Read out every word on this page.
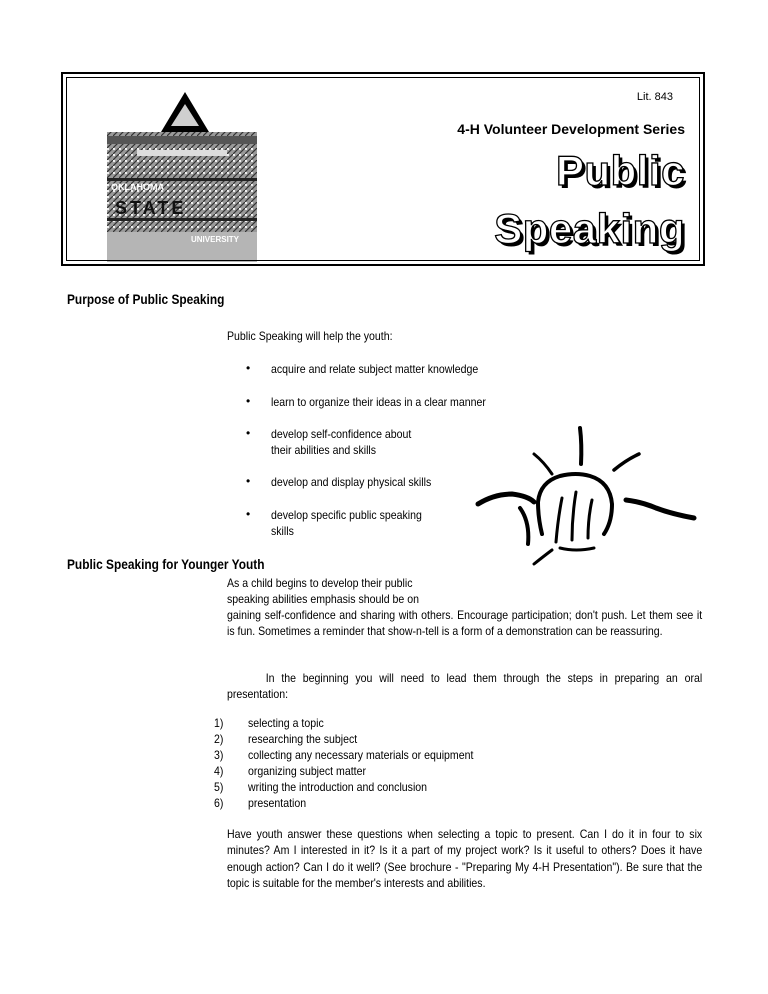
OKLAHOMA
STATE
UNIVERSITY
Lit. 843
4-H Volunteer Development Series
Public
Speaking
Purpose of Public Speaking
Public Speaking will help the youth:
• acquire and relate subject matter knowledge
• learn to organize their ideas in a clear manner
• develop self-confidence about
their abilities and skills
• develop and display physical skills
• develop specific public speaking
skills
Public Speaking for Younger Youth
As a child begins to develop their public
speaking abilities emphasis should be on
gaining self-confidence and sharing with others. Encourage participation; don't push. Let them see it is fun. Sometimes a reminder that show-n-tell is a form of a demonstration can be reassuring.
In the beginning you will need to lead them through the steps in preparing an oral presentation:
1) selecting a topic
2) researching the subject
3) collecting any necessary materials or equipment
4) organizing subject matter
5) writing the introduction and conclusion
6) presentation
Have youth answer these questions when selecting a topic to present. Can I do it in four to six minutes? Am I interested in it? Is it a part of my project work? Is it useful to others? Does it have enough action? Can I do it well? (See brochure - "Preparing My 4-H Presentation"). Be sure that the topic is suitable for the member's interests and abilities.
